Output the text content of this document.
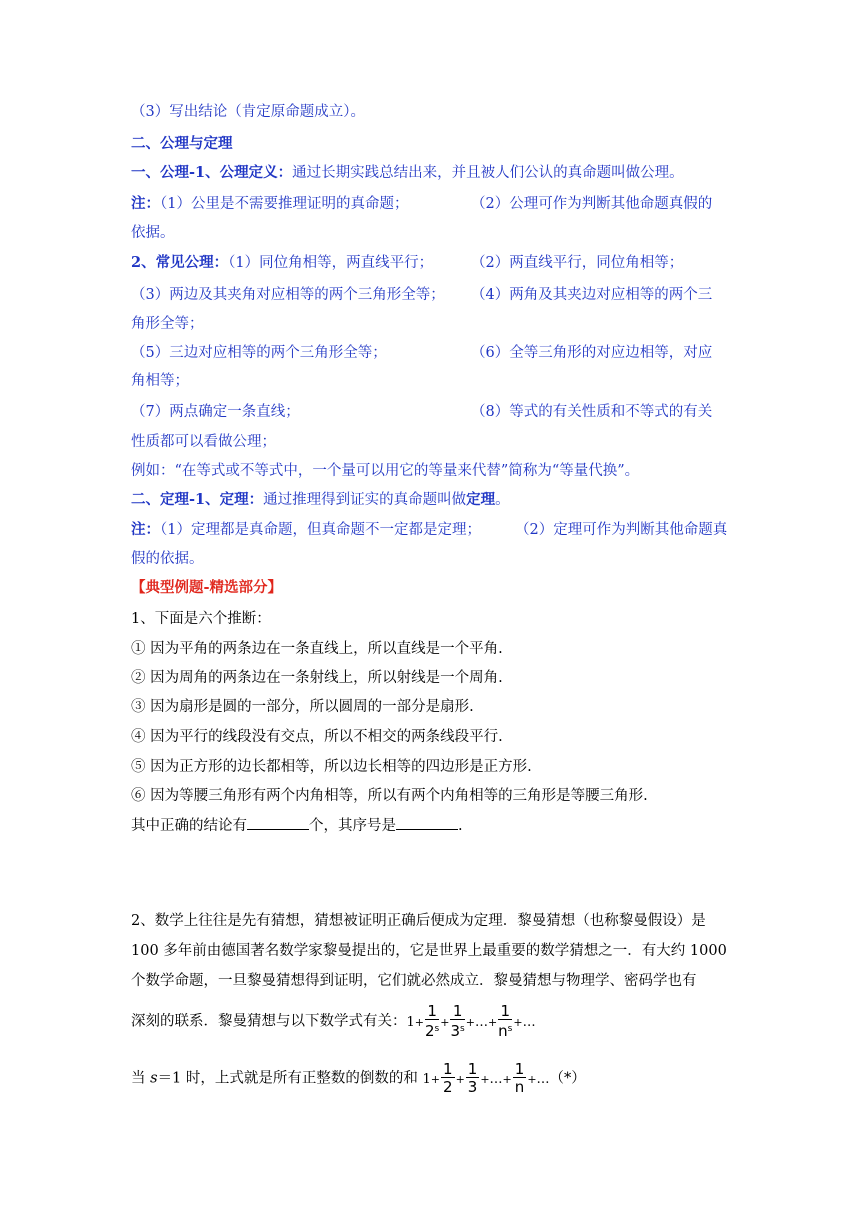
（3）写出结论（肯定原命题成立）。
二、公理与定理
一、公理-1、公理定义：通过长期实践总结出来，并且被人们公认的真命题叫做公理。
注：（1）公里是不需要推理证明的真命题；	（2）公理可作为判断其他命题真假的
依据。
2、常见公理：（1）同位角相等，两直线平行；	（2）两直线平行，同位角相等；
（3）两边及其夹角对应相等的两个三角形全等； （4）两角及其夹边对应相等的两个三
角形全等；
（5）三边对应相等的两个三角形全等；	（6）全等三角形的对应边相等，对应
角相等；
（7）两点确定一条直线；	（8）等式的有关性质和不等式的有关
性质都可以看做公理；
例如：“在等式或不等式中，一个量可以用它的等量来代替”简称为“等量代换”。
二、定理-1、定理：通过推理得到证实的真命题叫做定理。
注：（1）定理都是真命题，但真命题不一定都是定理； （2）定理可作为判断其他命题真
假的依据。
【典型例题-精选部分】
1、下面是六个推断：
① 因为平角的两条边在一条直线上，所以直线是一个平角.
② 因为周角的两条边在一条射线上，所以射线是一个周角.
③ 因为扇形是圆的一部分，所以圆周的一部分是扇形.
④ 因为平行的线段没有交点，所以不相交的两条线段平行.
⑤ 因为正方形的边长都相等，所以边长相等的四边形是正方形.
⑥ 因为等腰三角形有两个内角相等，所以有两个内角相等的三角形是等腰三角形.
其中正确的结论有	个，其序号是	.
2、数学上往往是先有猜想，猜想被证明正确后便成为定理．黎曼猜想（也称黎曼假设）是
100 多年前由德国著名数学家黎曼提出的，它是世界上最重要的数学猜想之一．有大约 1000
个数学命题，一旦黎曼猜想得到证明，它们就必然成立．黎曼猜想与物理学、密码学也有
深刻的联系．黎曼猜想与以下数学式有关：$1+ \frac{1}{2^s} + \frac{1}{3^s}$ +…+ $\frac{1}{n^s}$ +…
当 s＝1 时，上式就是所有正整数的倒数的和 $1+ \frac{1}{2} + \frac{1}{3}$ +…+ $\frac{1}{n}$ +…（*）
